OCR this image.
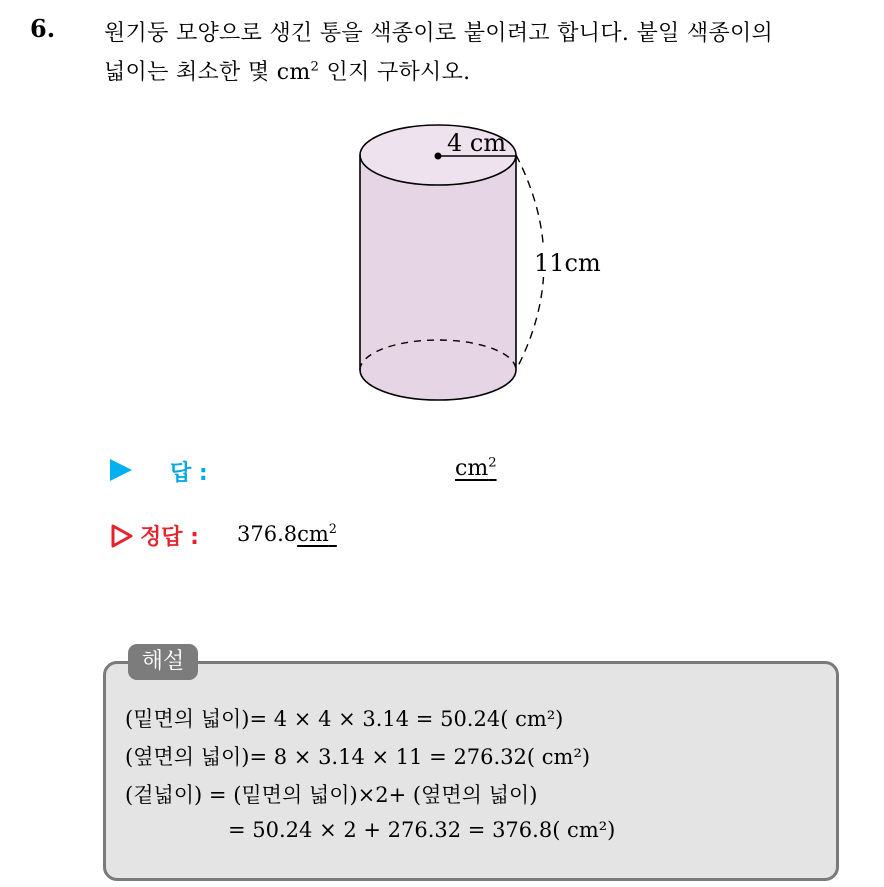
6. 원기둥 모양으로 생긴 통을 색종이로 붙이려고 합니다. 붙일 색종이의
넓이는 최소한 몇 $cm^2$ 인지 구하시오.
4 cm
11cm
답 :	$cm^2$
정답 : $376.8cm^2$
해설
(밑면의 넓이)= 4 × 4 × 3.14 = 50.24( cm²)
(옆면의 넓이)= 8 × 3.14 × 11 = 276.32( cm²)
(겉넓이) = (밑면의 넓이)×2+ (옆면의 넓이)
= 50.24 × 2 + 276.32 = 376.8( cm²)
